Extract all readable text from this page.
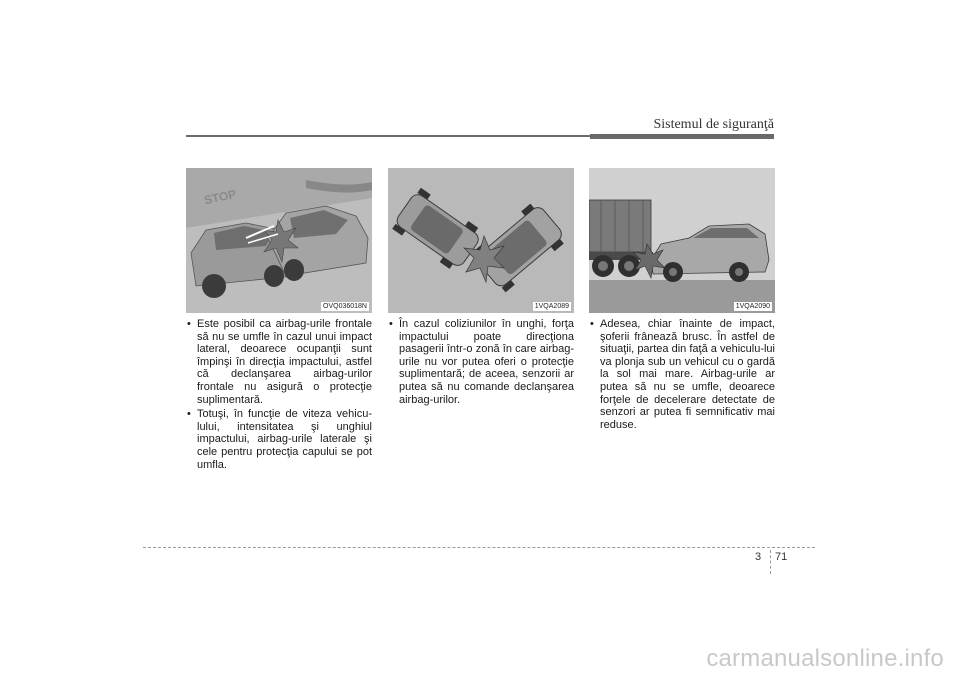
Sistemul de siguranţă
STOP
OVQ036018N
• Este posibil ca airbag-urile frontale să nu se umfle în cazul unui impact lateral, deoarece ocupanţii sunt împinşi în direcţia impactului, astfel că declanşarea airbag-urilor frontale nu asigură o protecţie suplimentară.
• Totuşi, în funcţie de viteza vehicu-lului, intensitatea şi unghiul impactului, airbag-urile laterale şi cele pentru protecţia capului se pot umfla.
1VQA2089
• În cazul coliziunilor în unghi, forţa impactului poate direcţiona pasagerii într-o zonă în care airbag-urile nu vor putea oferi o protecţie suplimentară; de aceea, senzorii ar putea să nu comande declanşarea airbag-urilor.
1VQA2090
• Adesea, chiar înainte de impact, şoferii frânează brusc. În astfel de situaţii, partea din faţă a vehiculu-lui va plonja sub un vehicul cu o gardă la sol mai mare. Airbag-urile ar putea să nu se umfle, deoarece forţele de decelerare detectate de senzori ar putea fi semnificativ mai reduse.
3 71
carmanualsonline.info
